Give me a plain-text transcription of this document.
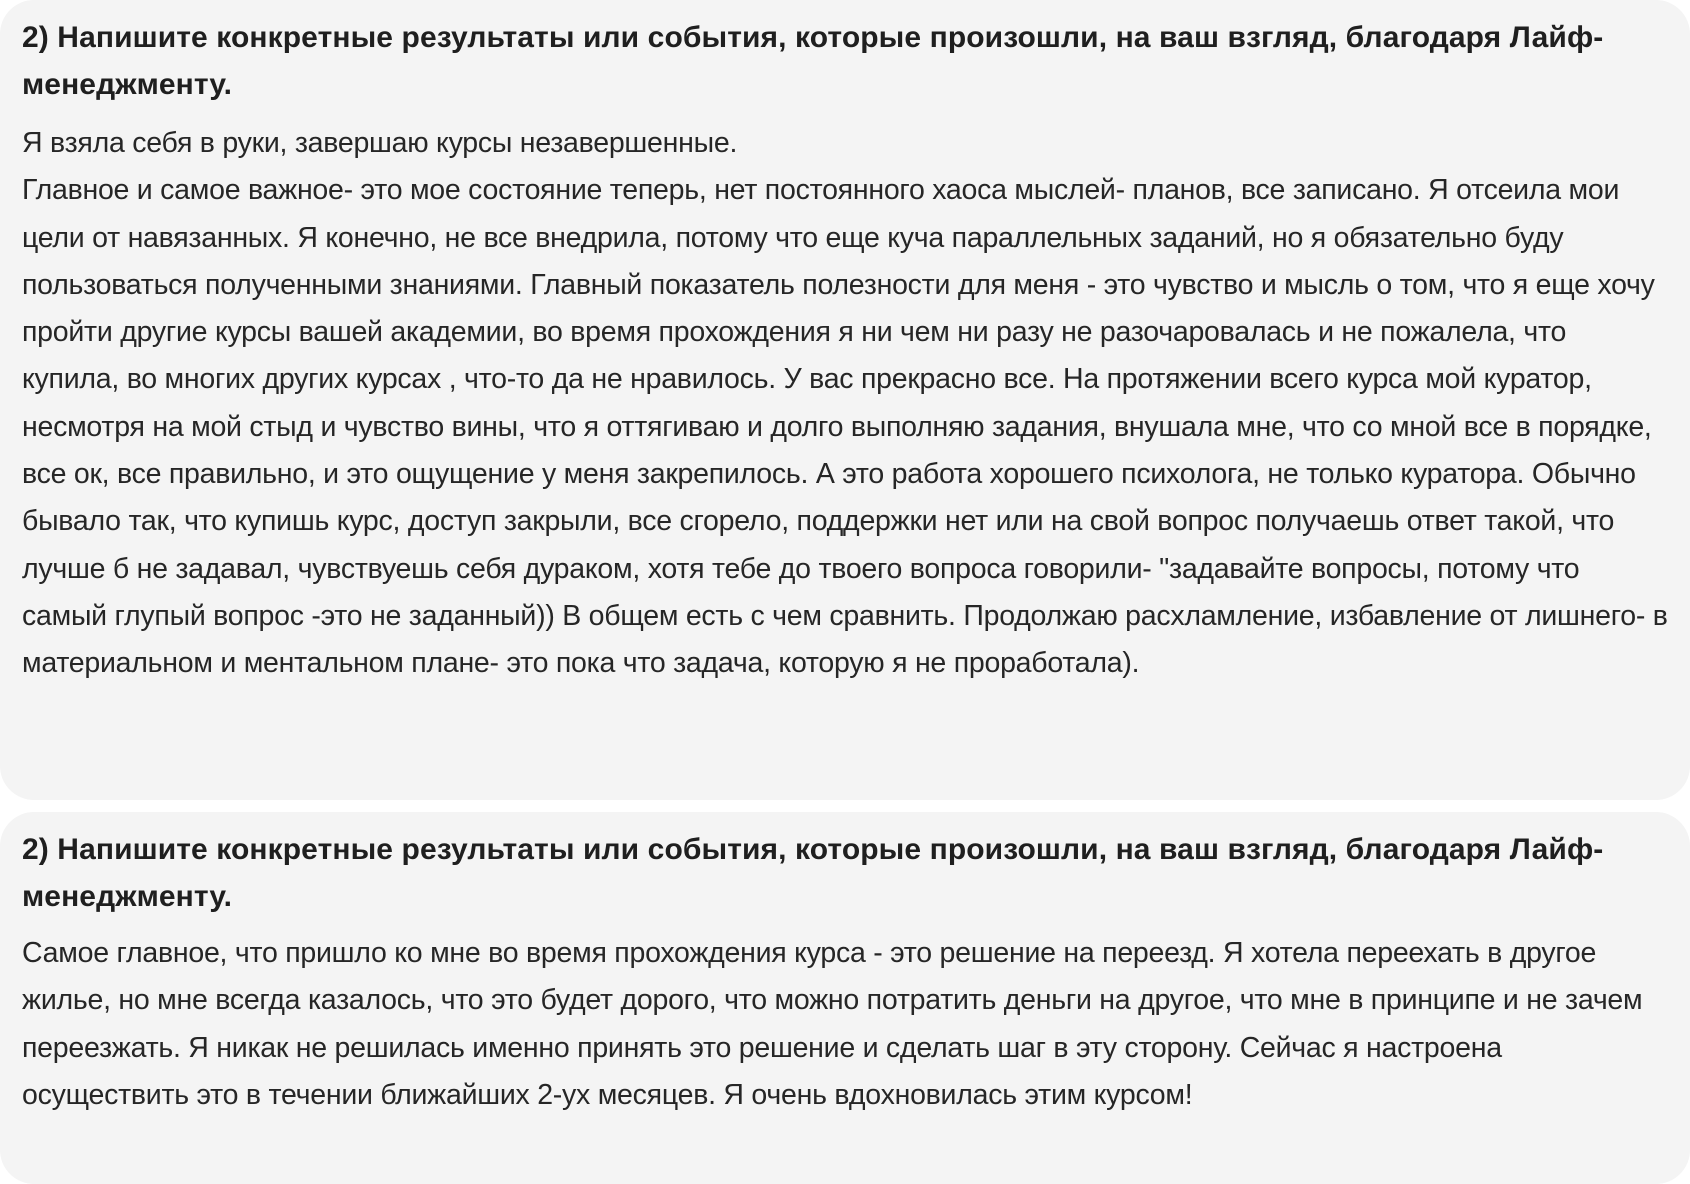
2) Напишите конкретные результаты или события, которые произошли, на ваш взгляд, благодаря Лайф-менеджменту.

Я взяла себя в руки, завершаю курсы незавершенные.

Главное и самое важное- это мое состояние теперь, нет постоянного хаоса мыслей- планов, все записано. Я отсеила мои цели от навязанных. Я конечно, не все внедрила, потому что еще куча параллельных заданий, но я обязательно буду пользоваться полученными знаниями. Главный показатель полезности для меня - это чувство и мысль о том, что я еще хочу пройти другие курсы вашей академии, во время прохождения я ни чем ни разу не разочаровалась и не пожалела, что купила, во многих других курсах , что-то да не нравилось. У вас прекрасно все. На протяжении всего курса мой куратор, несмотря на мой стыд и чувство вины, что я оттягиваю и долго выполняю задания, внушала мне, что со мной все в порядке, все ок, все правильно, и это ощущение у меня закрепилось. А это работа хорошего психолога, не только куратора. Обычно бывало так, что купишь курс, доступ закрыли, все сгорело, поддержки нет или на свой вопрос получаешь ответ такой, что лучше б не задавал, чувствуешь себя дураком, хотя тебе до твоего вопроса говорили- "задавайте вопросы, потому что самый глупый вопрос -это не заданный)) В общем есть с чем сравнить. Продолжаю расхламление, избавление от лишнего- в материальном и ментальном плане- это пока что задача, которую я не проработала).

2) Напишите конкретные результаты или события, которые произошли, на ваш взгляд, благодаря Лайф-менеджменту.

Самое главное, что пришло ко мне во время прохождения курса - это решение на переезд. Я хотела переехать в другое жилье, но мне всегда казалось, что это будет дорого, что можно потратить деньги на другое, что мне в принципе и не зачем переезжать. Я никак не решилась именно принять это решение и сделать шаг в эту сторону. Сейчас я настроена осуществить это в течении ближайших 2-ух месяцев. Я очень вдохновилась этим курсом!
